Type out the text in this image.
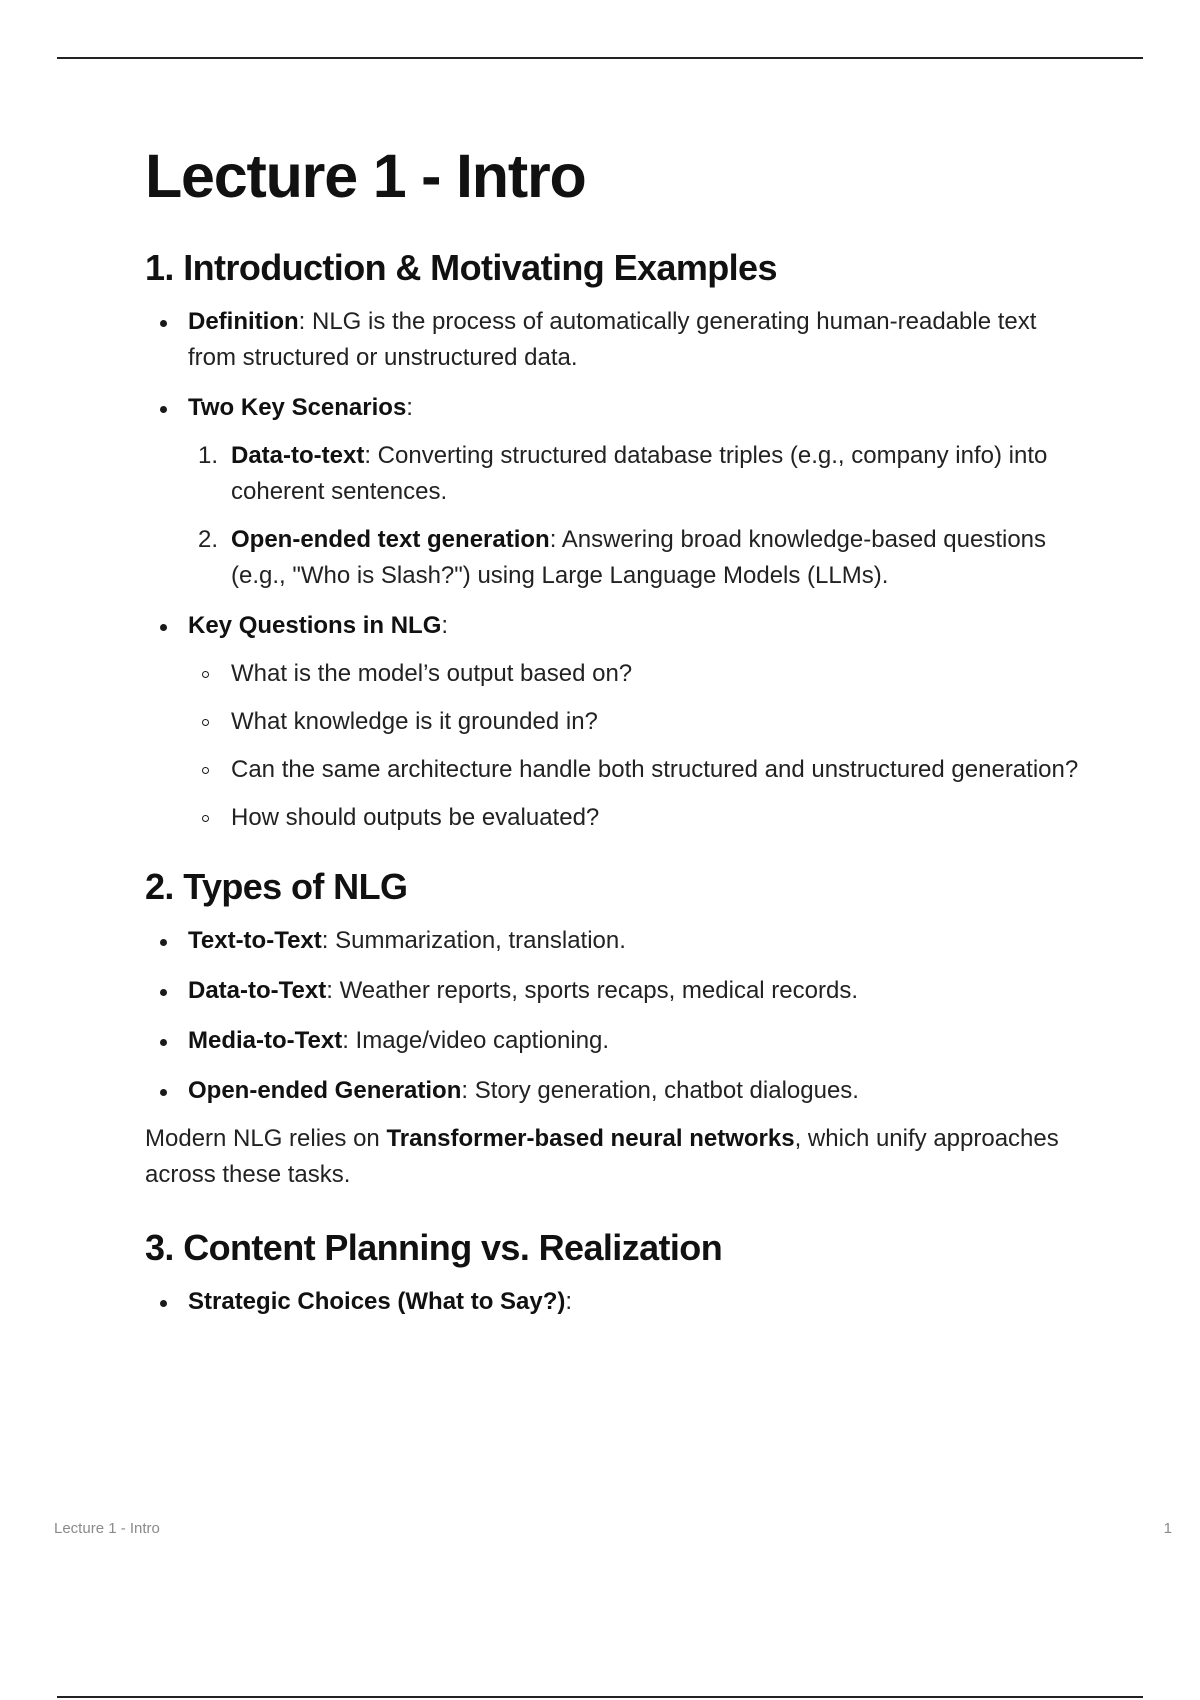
Lecture 1 - Intro
1. Introduction & Motivating Examples
Definition: NLG is the process of automatically generating human-readable text from structured or unstructured data.
Two Key Scenarios:
1. Data-to-text: Converting structured database triples (e.g., company info) into coherent sentences.
2. Open-ended text generation: Answering broad knowledge-based questions (e.g., "Who is Slash?") using Large Language Models (LLMs).
Key Questions in NLG:
What is the model’s output based on?
What knowledge is it grounded in?
Can the same architecture handle both structured and unstructured generation?
How should outputs be evaluated?
2. Types of NLG
Text-to-Text: Summarization, translation.
Data-to-Text: Weather reports, sports recaps, medical records.
Media-to-Text: Image/video captioning.
Open-ended Generation: Story generation, chatbot dialogues.

Modern NLG relies on Transformer-based neural networks, which unify approaches across these tasks.

3. Content Planning vs. Realization
Strategic Choices (What to Say?):
Lecture 1 - Intro	1
